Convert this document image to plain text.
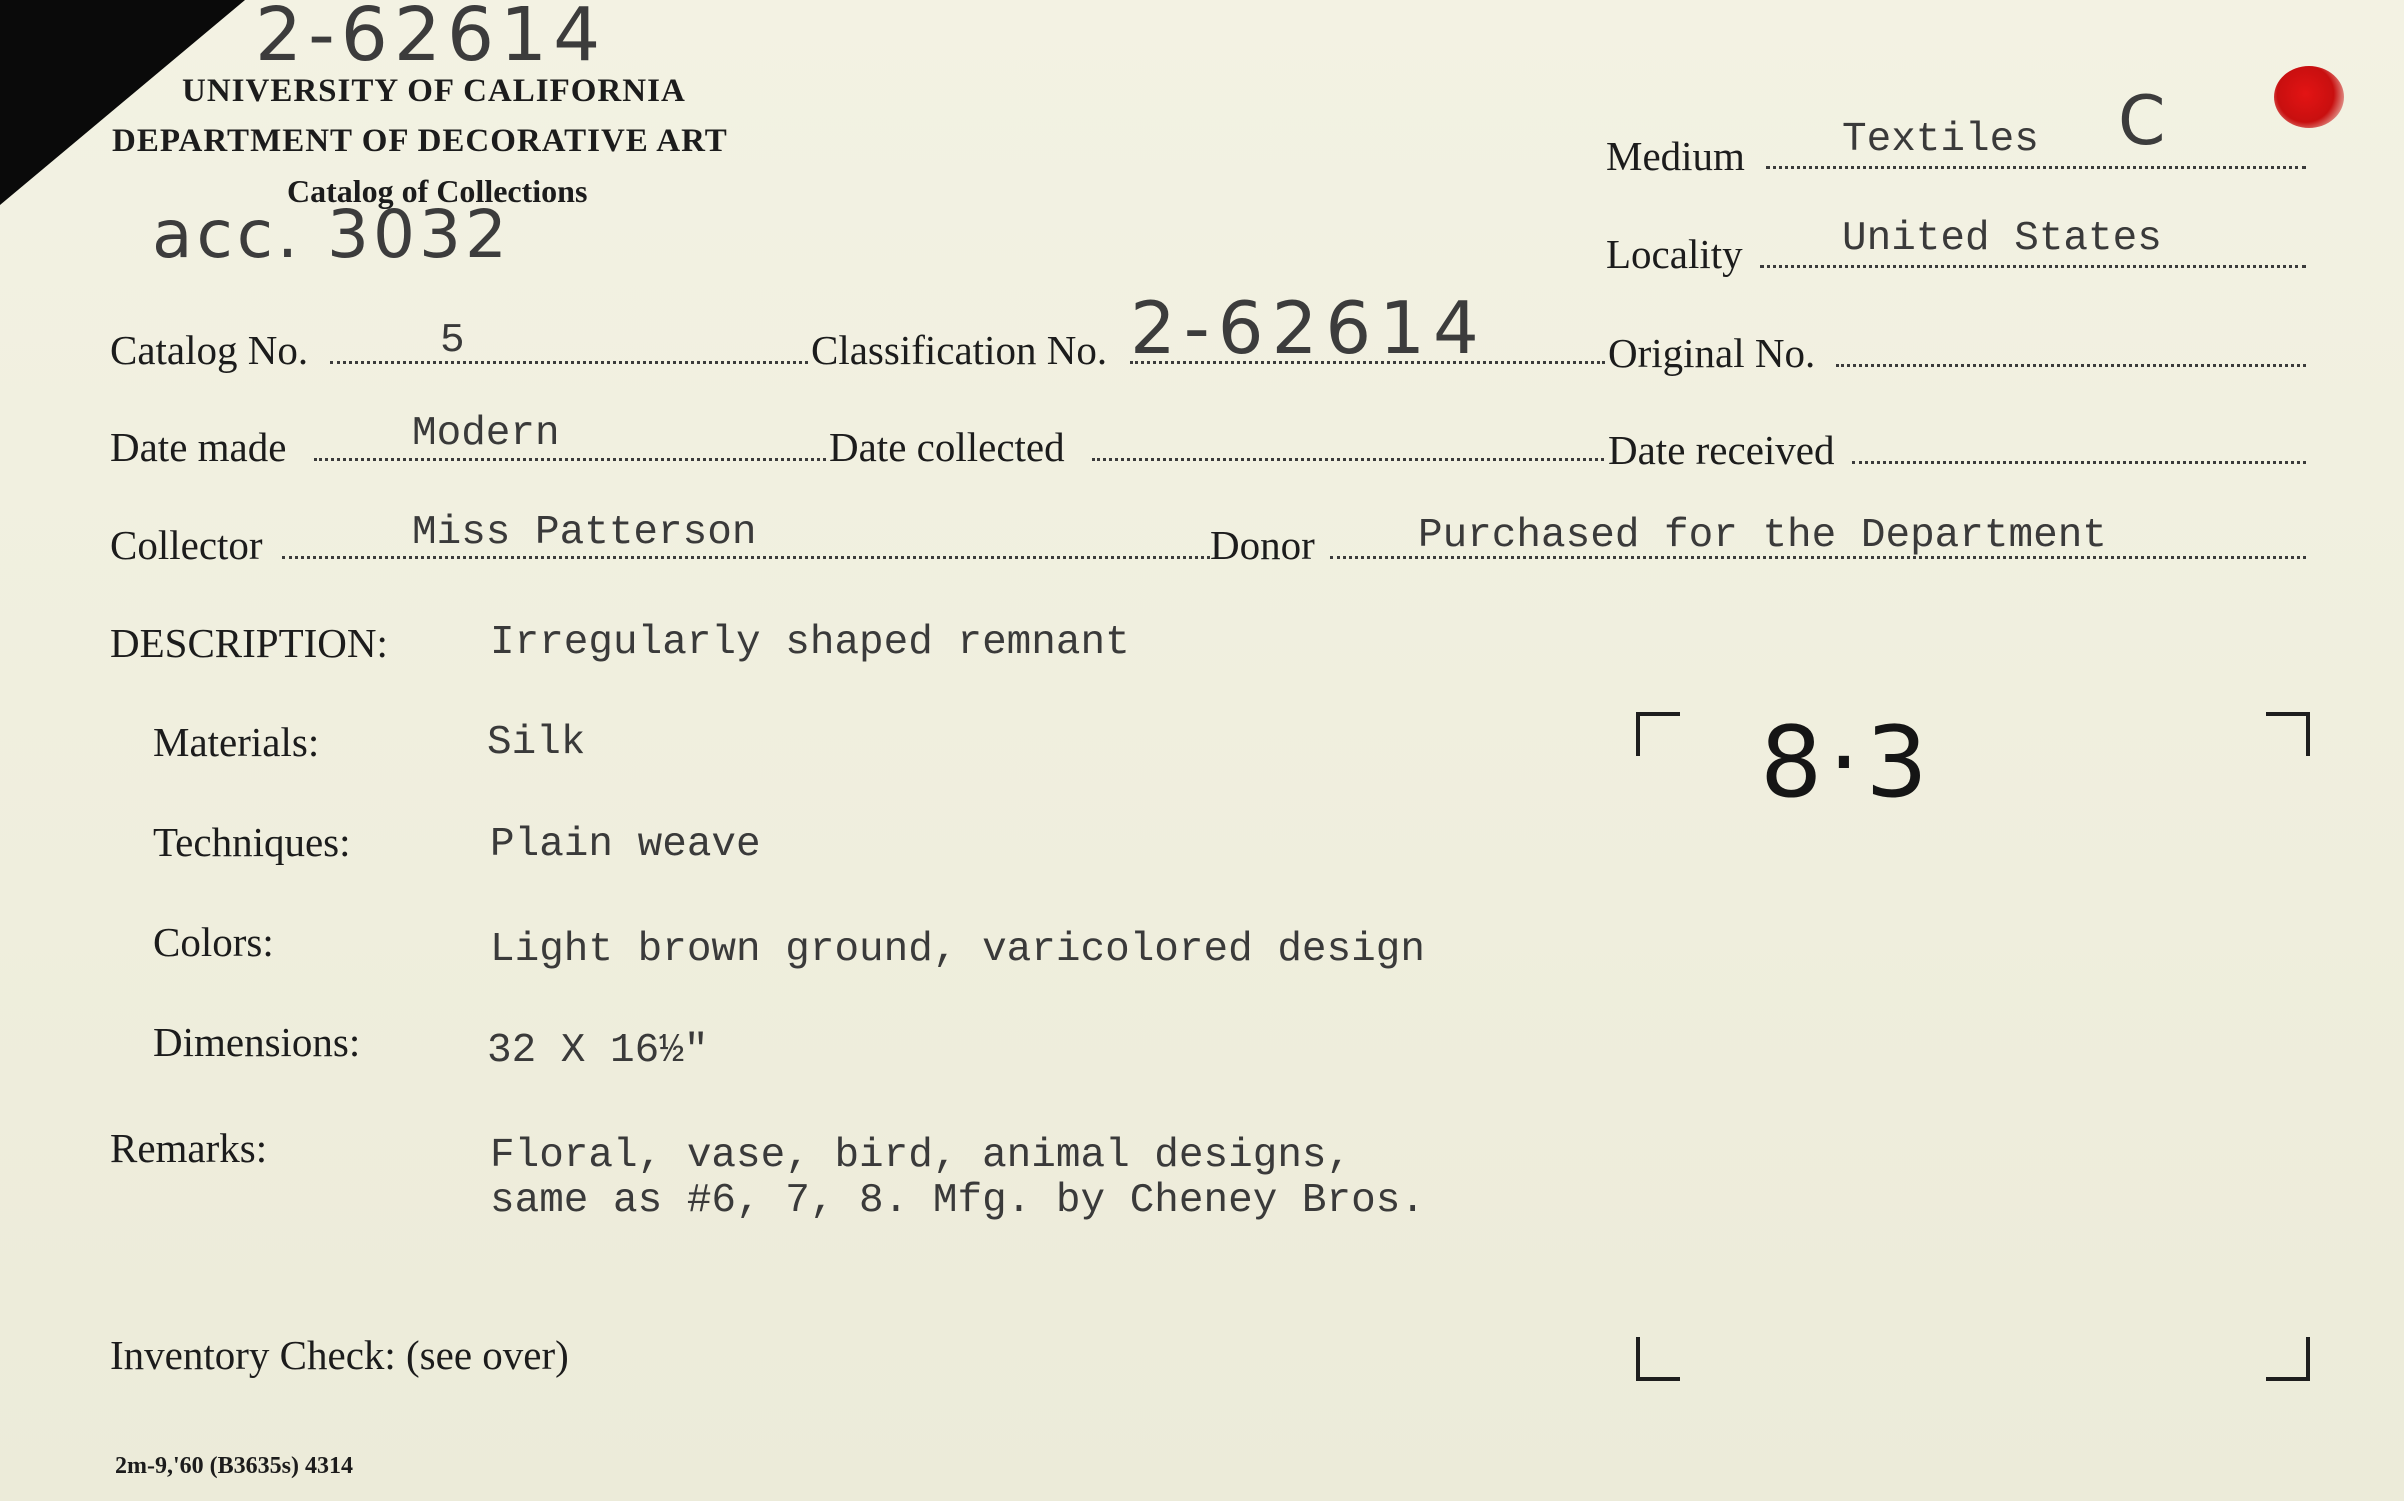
2-62614
acc. 3032
UNIVERSITY OF CALIFORNIA
DEPARTMENT OF DECORATIVE ART
Catalog of Collections
Medium Textiles C
Locality United States
Catalog No.	5	Classification No. 2-62614	Original No.
Date made	Modern	Date collected	Date received
Collector	Miss Patterson	Donor	Purchased for the Department
DESCRIPTION: Irregularly shaped remnant
Materials:	Silk
Techniques:	Plain weave
Colors:	Light brown ground, varicolored design
Dimensions:	32 X 16½"
Remarks:	Floral, vase, bird, animal designs,
same as #6, 7, 8. Mfg. by Cheney Bros.
8·3
Inventory Check: (see over)
2m-9,'60 (B3635s) 4314
